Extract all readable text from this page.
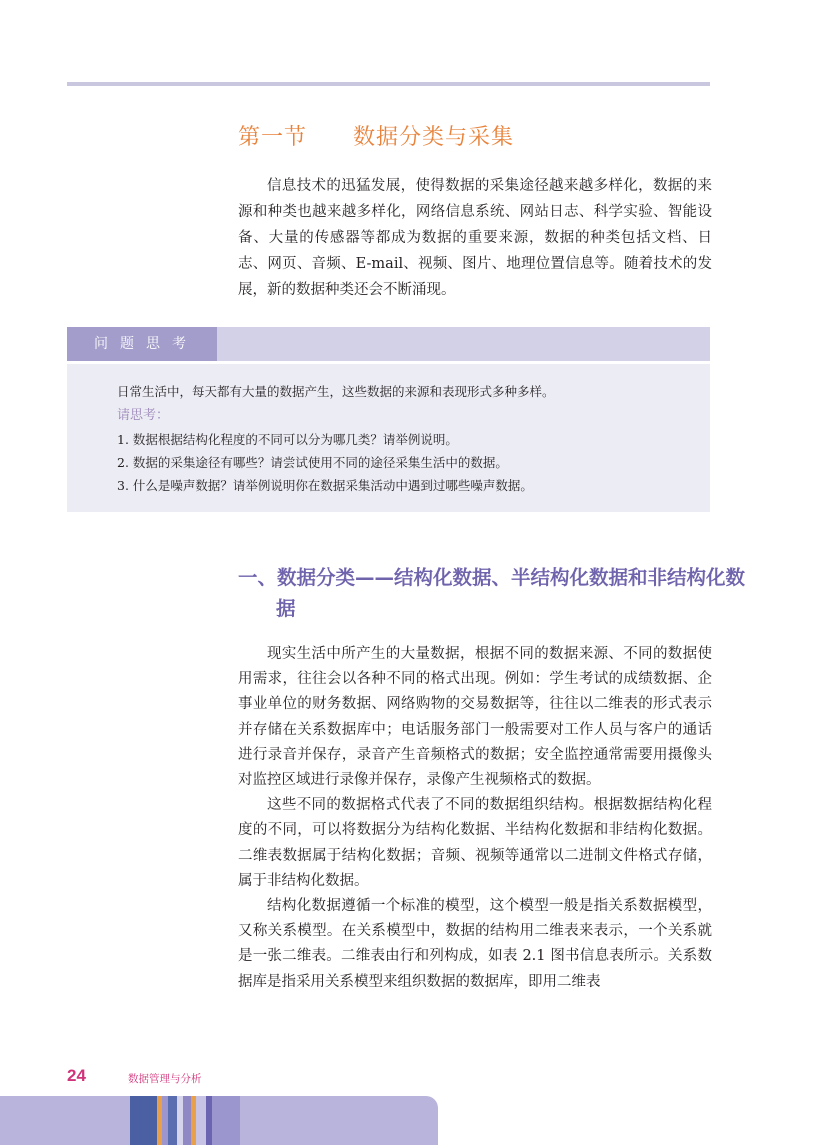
第一节　　数据分类与采集

信息技术的迅猛发展，使得数据的采集途径越来越多样化，数据的来源和种类也越来越多样化，网络信息系统、网站日志、科学实验、智能设备、大量的传感器等都成为数据的重要来源，数据的种类包括文档、日志、网页、音频、E-mail、视频、图片、地理位置信息等。随着技术的发展，新的数据种类还会不断涌现。

问题思考

日常生活中，每天都有大量的数据产生，这些数据的来源和表现形式多种多样。

请思考：

1. 数据根据结构化程度的不同可以分为哪几类？请举例说明。
2. 数据的采集途径有哪些？请尝试使用不同的途径采集生活中的数据。
3. 什么是噪声数据？请举例说明你在数据采集活动中遇到过哪些噪声数据。
一、数据分类——结构化数据、半结构化数据和非结构化数据

现实生活中所产生的大量数据，根据不同的数据来源、不同的数据使用需求，往往会以各种不同的格式出现。例如：学生考试的成绩数据、企事业单位的财务数据、网络购物的交易数据等，往往以二维表的形式表示并存储在关系数据库中；电话服务部门一般需要对工作人员与客户的通话进行录音并保存，录音产生音频格式的数据；安全监控通常需要用摄像头对监控区域进行录像并保存，录像产生视频格式的数据。

这些不同的数据格式代表了不同的数据组织结构。根据数据结构化程度的不同，可以将数据分为结构化数据、半结构化数据和非结构化数据。二维表数据属于结构化数据；音频、视频等通常以二进制文件格式存储，属于非结构化数据。

结构化数据遵循一个标准的模型，这个模型一般是指关系数据模型，又称关系模型。在关系模型中，数据的结构用二维表来表示，一个关系就是一张二维表。二维表由行和列构成，如表 2.1 图书信息表所示。关系数据库是指采用关系模型来组织数据的数据库，即用二维表

24	数据管理与分析
